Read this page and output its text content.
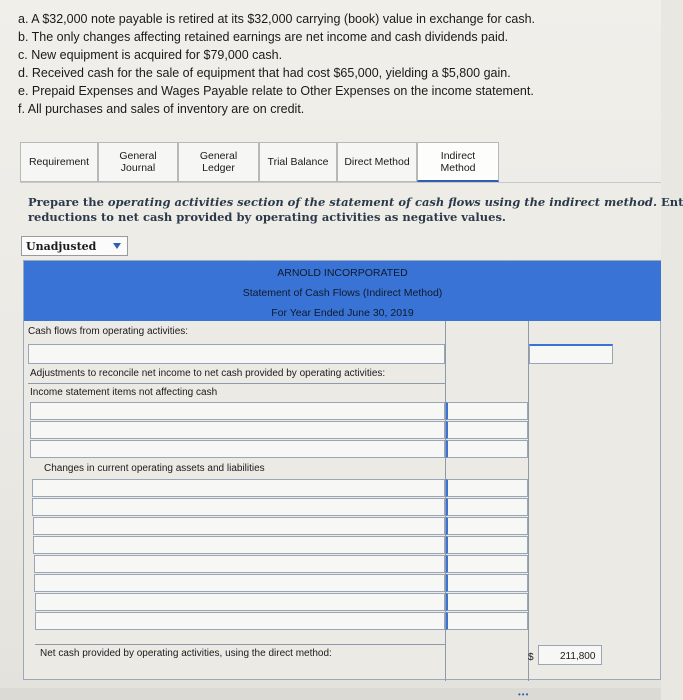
a. A $32,000 note payable is retired at its $32,000 carrying (book) value in exchange for cash.
b. The only changes affecting retained earnings are net income and cash dividends paid.
c. New equipment is acquired for $79,000 cash.
d. Received cash for the sale of equipment that had cost $65,000, yielding a $5,800 gain.
e. Prepaid Expenses and Wages Payable relate to Other Expenses on the income statement.
f. All purchases and sales of inventory are on credit.
Requirement	General
Journal
General
Ledger	Trial Balance Direct Method
Indirect
Method
Prepare the operating activities section of the statement of cash flows using the indirect method. Ent
reductions to net cash provided by operating activities as negative values.
Unadjusted
ARNOLD INCORPORATED
Statement of Cash Flows (Indirect Method)
For Year Ended June 30, 2019
Cash flows from operating activities:
Adjustments to reconcile net income to net cash provided by operating activities:
Income statement items not affecting cash
Changes in current operating assets and liabilities
Net cash provided by operating activities, using the direct method:	$	211,800
•••
